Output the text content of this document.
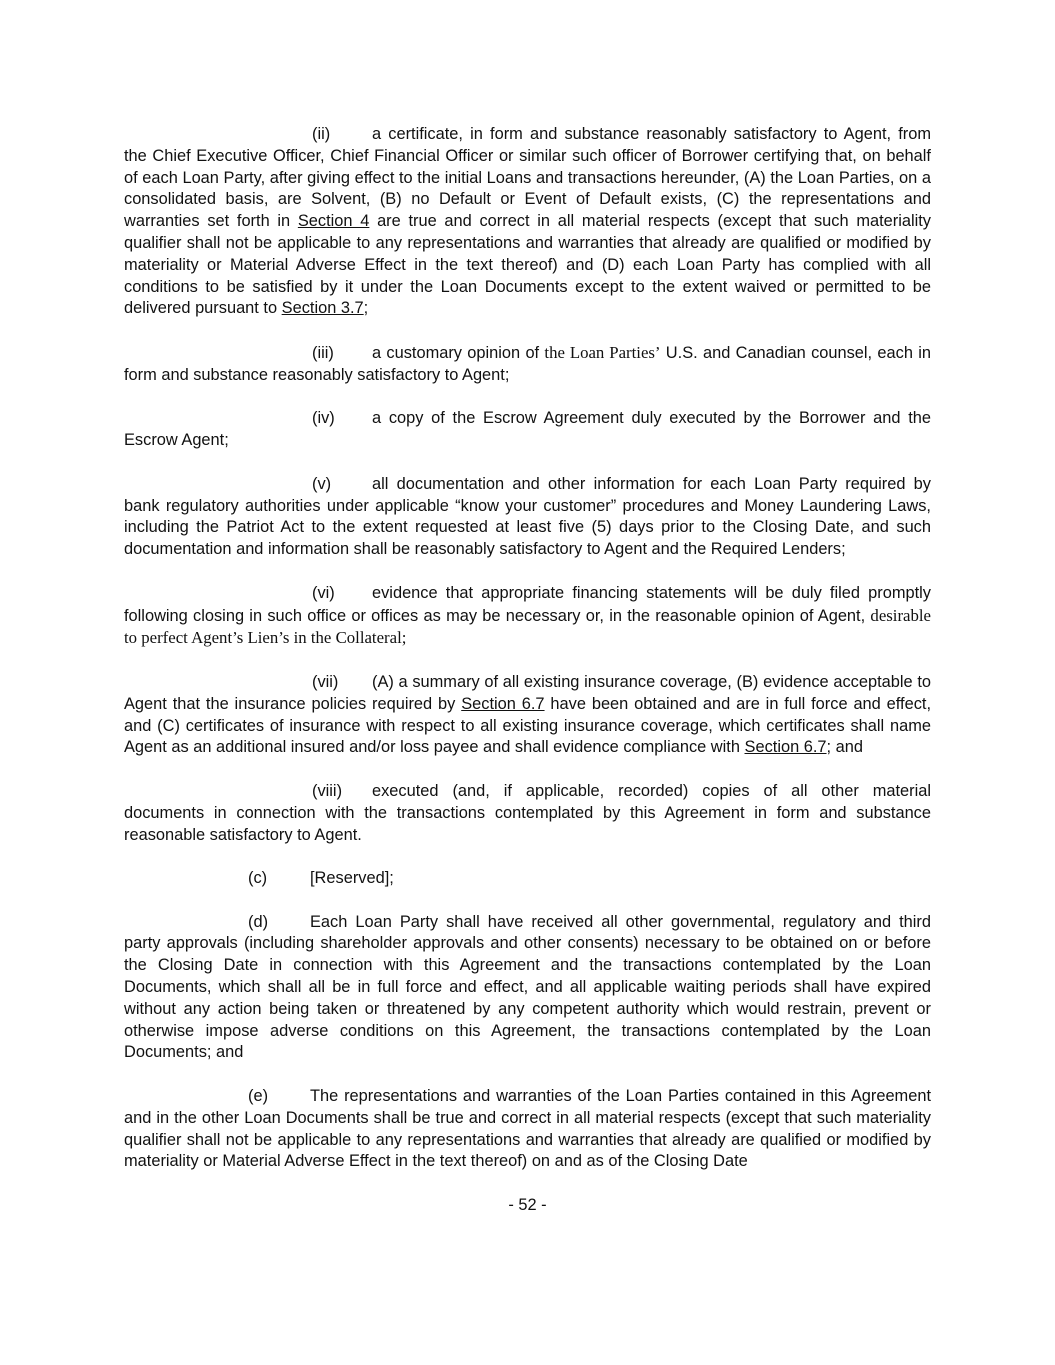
(ii)	a certificate, in form and substance reasonably satisfactory to Agent, from the Chief Executive Officer, Chief Financial Officer or similar such officer of Borrower certifying that, on behalf of each Loan Party, after giving effect to the initial Loans and transactions hereunder, (A) the Loan Parties, on a consolidated basis, are Solvent, (B) no Default or Event of Default exists, (C) the representations and warranties set forth in Section 4 are true and correct in all material respects (except that such materiality qualifier shall not be applicable to any representations and warranties that already are qualified or modified by materiality or Material Adverse Effect in the text thereof) and (D) each Loan Party has complied with all conditions to be satisfied by it under the Loan Documents except to the extent waived or permitted to be delivered pursuant to Section 3.7;

(iii) a customary opinion of the Loan Parties’ U.S. and Canadian counsel, each in form and substance reasonably satisfactory to Agent;

(iv) a copy of the Escrow Agreement duly executed by the Borrower and the Escrow Agent;

(v) all documentation and other information for each Loan Party required by bank regulatory authorities under applicable “know your customer” procedures and Money Laundering Laws, including the Patriot Act to the extent requested at least five (5) days prior to the Closing Date, and such documentation and information shall be reasonably satisfactory to Agent and the Required Lenders;

(vi) evidence that appropriate financing statements will be duly filed promptly following closing in such office or offices as may be necessary or, in the reasonable opinion of Agent, desirable to perfect Agent’s Lien’s in the Collateral;

(vii) (A) a summary of all existing insurance coverage, (B) evidence acceptable to Agent that the insurance policies required by Section 6.7 have been obtained and are in full force and effect, and (C) certificates of insurance with respect to all existing insurance coverage, which certificates shall name Agent as an additional insured and/or loss payee and shall evidence compliance with Section 6.7; and

(viii) executed (and, if applicable, recorded) copies of all other material documents in connection with the transactions contemplated by this Agreement in form and substance reasonable satisfactory to Agent.

(c)	[Reserved];

(d)	Each Loan Party shall have received all other governmental, regulatory and third party approvals (including shareholder approvals and other consents) necessary to be obtained on or before the Closing Date in connection with this Agreement and the transactions contemplated by the Loan Documents, which shall all be in full force and effect, and all applicable waiting periods shall have expired without any action being taken or threatened by any competent authority which would restrain, prevent or otherwise impose adverse conditions on this Agreement, the transactions contemplated by the Loan Documents; and

(e)	The representations and warranties of the Loan Parties contained in this Agreement and in the other Loan Documents shall be true and correct in all material respects (except that such materiality qualifier shall not be applicable to any representations and warranties that already are qualified or modified by materiality or Material Adverse Effect in the text thereof) on and as of the Closing Date

- 52 -
